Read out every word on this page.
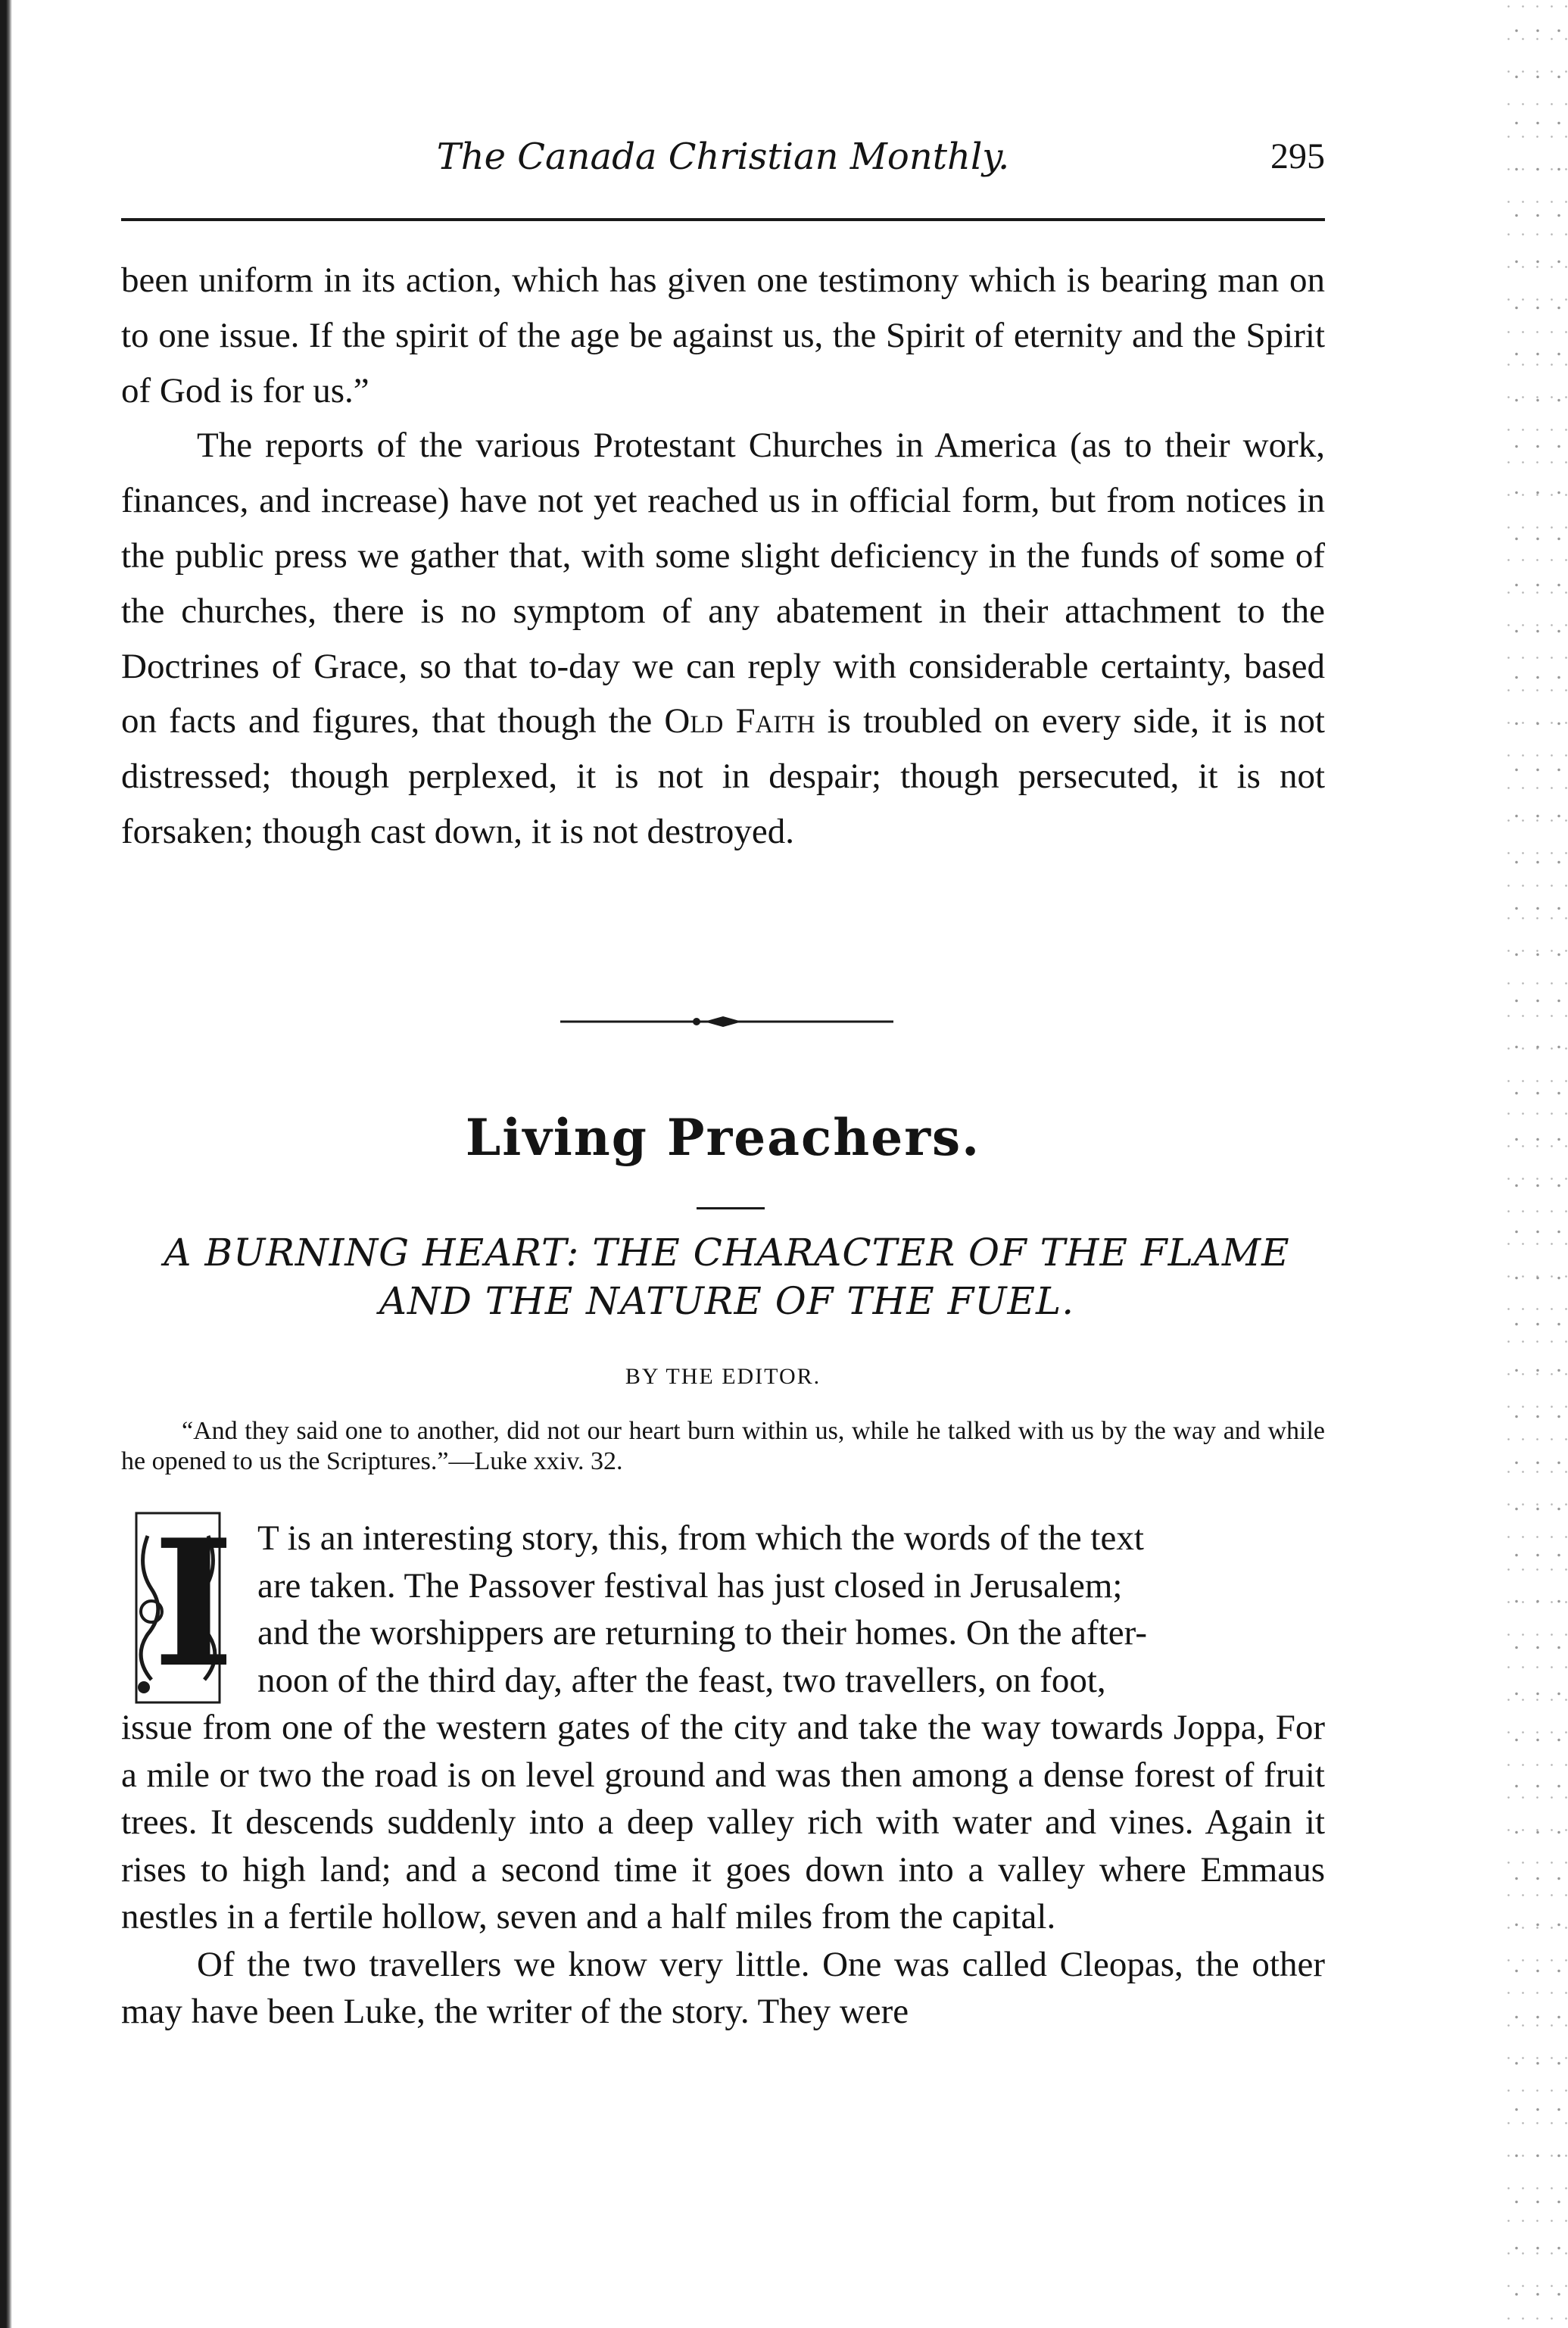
The Canada Christian Monthly.	295

been uniform in its action, which has given one testimony which is bearing man on to one issue. If the spirit of the age be against us, the Spirit of eternity and the Spirit of God is for us.”

The reports of the various Protestant Churches in America (as to their work, finances, and increase) have not yet reached us in official form, but from notices in the public press we gather that, with some slight deficiency in the funds of some of the churches, there is no symptom of any abatement in their attachment to the Doctrines of Grace, so that to-day we can reply with considerable certainty, based on facts and figures, that though the Old Faith is troubled on every side, it is not distressed; though perplexed, it is not in despair; though persecuted, it is not forsaken; though cast down, it is not destroyed.

Living Preachers.
A BURNING HEART: THE CHARACTER OF THE FLAME
AND THE NATURE OF THE FUEL.
BY THE EDITOR.
“And they said one to another, did not our heart burn within us, while he talked with us by the way and while he opened to us the Scriptures.”—Luke xxiv. 32.
I T is an interesting story, this, from which the words of the text
are taken. The Passover festival has just closed in Jerusalem;
and the worshippers are returning to their homes. On the after-
noon of the third day, after the feast, two travellers, on foot,

issue from one of the western gates of the city and take the way towards Joppa, For a mile or two the road is on level ground and was then among a dense forest of fruit trees. It descends suddenly into a deep valley rich with water and vines. Again it rises to high land; and a second time it goes down into a valley where Emmaus nestles in a fertile hollow, seven and a half miles from the capital.

Of the two travellers we know very little. One was called Cleopas, the other may have been Luke, the writer of the story. They were
